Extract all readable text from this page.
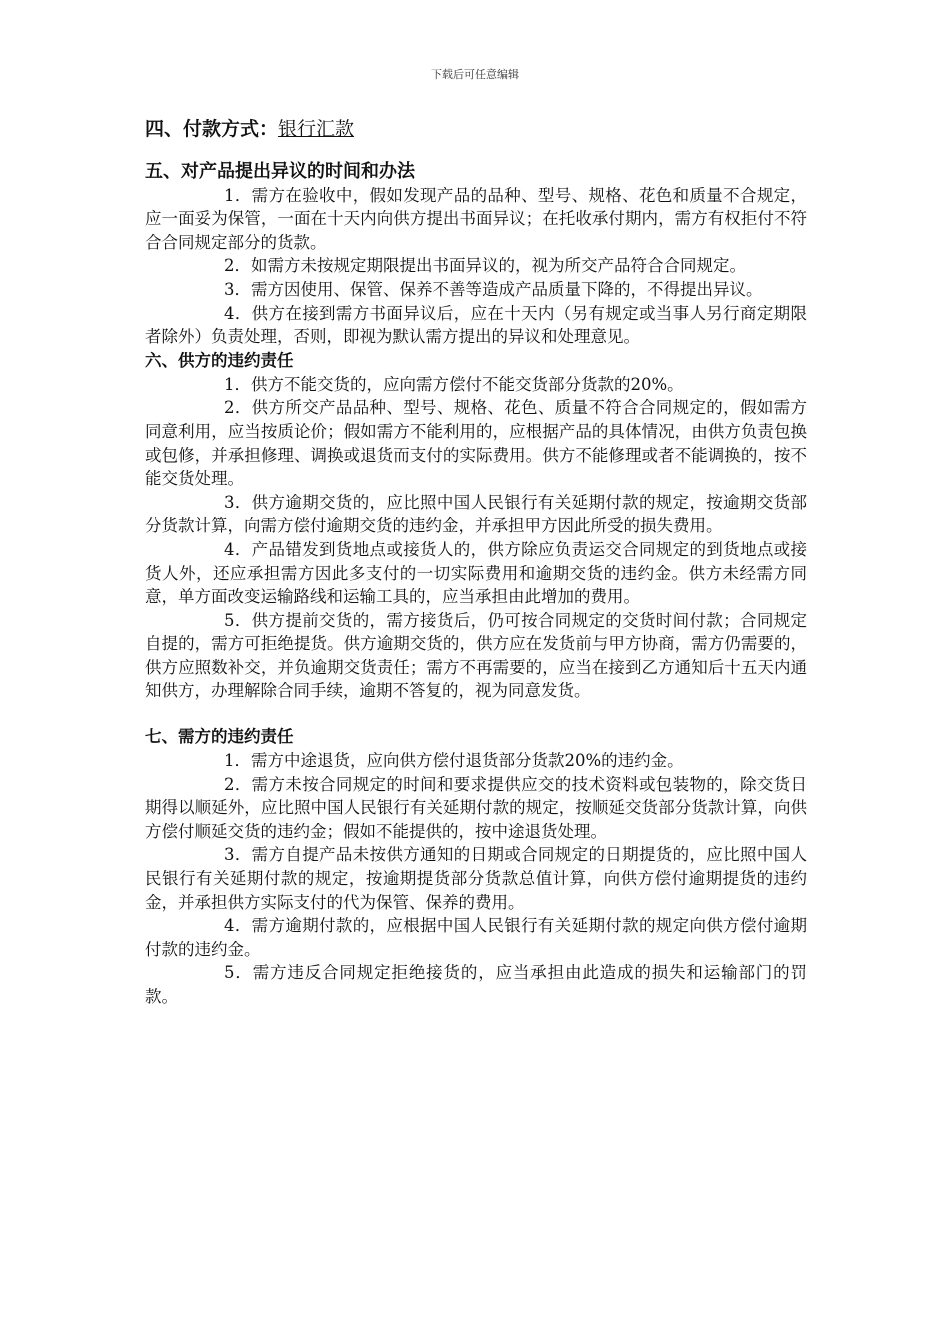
下载后可任意编辑

四、付款方式：银行汇款

五、对产品提出异议的时间和办法

1．需方在验收中，假如发现产品的品种、型号、规格、花色和质量不合规定，应一面妥为保管，一面在十天内向供方提出书面异议；在托收承付期内，需方有权拒付不符合合同规定部分的货款。

2．如需方未按规定期限提出书面异议的，视为所交产品符合合同规定。

3．需方因使用、保管、保养不善等造成产品质量下降的，不得提出异议。

4．供方在接到需方书面异议后，应在十天内（另有规定或当事人另行商定期限者除外）负责处理，否则，即视为默认需方提出的异议和处理意见。

六、供方的违约责任

1．供方不能交货的，应向需方偿付不能交货部分货款的20%。

2．供方所交产品品种、型号、规格、花色、质量不符合合同规定的，假如需方同意利用，应当按质论价；假如需方不能利用的，应根据产品的具体情况，由供方负责包换或包修，并承担修理、调换或退货而支付的实际费用。供方不能修理或者不能调换的，按不能交货处理。

3．供方逾期交货的，应比照中国人民银行有关延期付款的规定，按逾期交货部分货款计算，向需方偿付逾期交货的违约金，并承担甲方因此所受的损失费用。

4．产品错发到货地点或接货人的，供方除应负责运交合同规定的到货地点或接货人外，还应承担需方因此多支付的一切实际费用和逾期交货的违约金。供方未经需方同意，单方面改变运输路线和运输工具的，应当承担由此增加的费用。

5．供方提前交货的，需方接货后，仍可按合同规定的交货时间付款；合同规定自提的，需方可拒绝提货。供方逾期交货的，供方应在发货前与甲方协商，需方仍需要的，供方应照数补交，并负逾期交货责任；需方不再需要的，应当在接到乙方通知后十五天内通知供方，办理解除合同手续，逾期不答复的，视为同意发货。

七、需方的违约责任

1．需方中途退货，应向供方偿付退货部分货款20%的违约金。

2．需方未按合同规定的时间和要求提供应交的技术资料或包装物的，除交货日期得以顺延外，应比照中国人民银行有关延期付款的规定，按顺延交货部分货款计算，向供方偿付顺延交货的违约金；假如不能提供的，按中途退货处理。

3．需方自提产品未按供方通知的日期或合同规定的日期提货的，应比照中国人民银行有关延期付款的规定，按逾期提货部分货款总值计算，向供方偿付逾期提货的违约金，并承担供方实际支付的代为保管、保养的费用。

4．需方逾期付款的，应根据中国人民银行有关延期付款的规定向供方偿付逾期付款的违约金。

5．需方违反合同规定拒绝接货的，应当承担由此造成的损失和运输部门的罚款。
